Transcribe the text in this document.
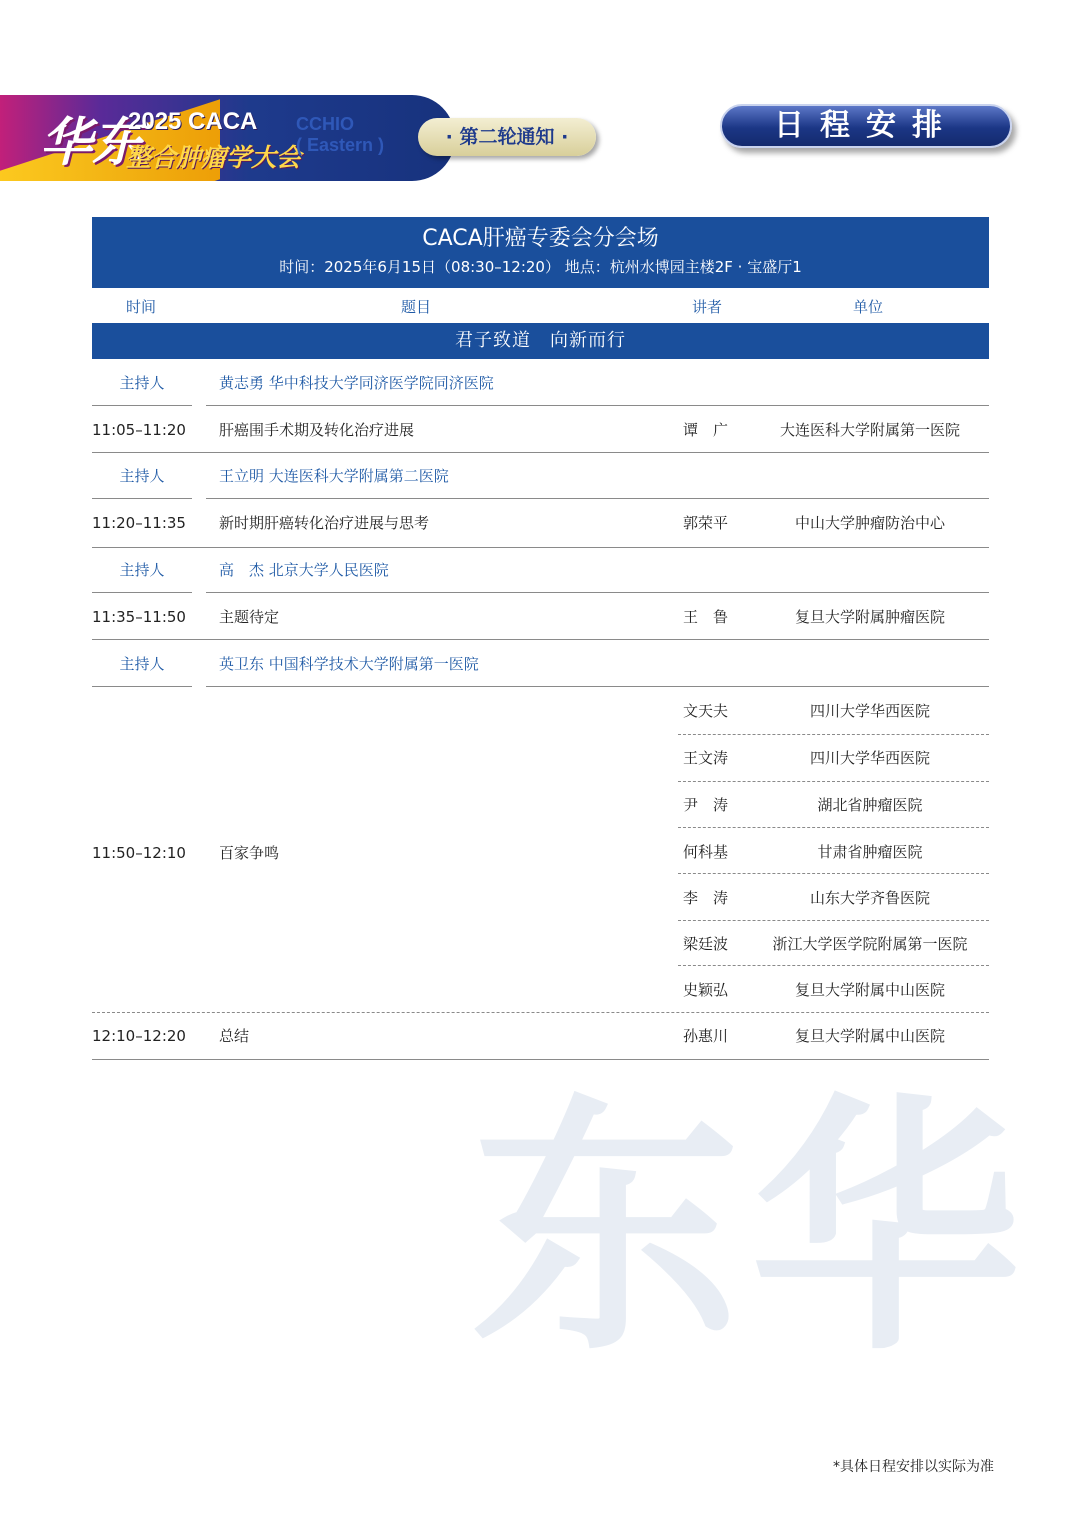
华东
2025 CACA
整合肿瘤学大会
CCHIO
( Eastern )	· 第二轮通知 ·	日程安排
CACA肝癌专委会分会场
时间：2025年6月15日（08:30–12:20） 地点：杭州水博园主楼2F · 宝盛厅1
时间	题目	讲者	单位
君子致道　向新而行
主持人	黄志勇 华中科技大学同济医学院同济医院
11:05–11:20 肝癌围手术期及转化治疗进展	谭　广	大连医科大学附属第一医院
主持人	王立明 大连医科大学附属第二医院
11:20–11:35 新时期肝癌转化治疗进展与思考	郭荣平	中山大学肿瘤防治中心
主持人	高　杰 北京大学人民医院
11:35–11:50 主题待定	王　鲁	复旦大学附属肿瘤医院
主持人	英卫东 中国科学技术大学附属第一医院
11:50–12:10 百家争鸣
文天夫	四川大学华西医院
王文涛	四川大学华西医院
尹　涛	湖北省肿瘤医院
何科基	甘肃省肿瘤医院
李　涛	山东大学齐鲁医院
梁廷波	浙江大学医学院附属第一医院
史颖弘	复旦大学附属中山医院
12:10–12:20 总结	孙惠川	复旦大学附属中山医院
华东
*具体日程安排以实际为准
